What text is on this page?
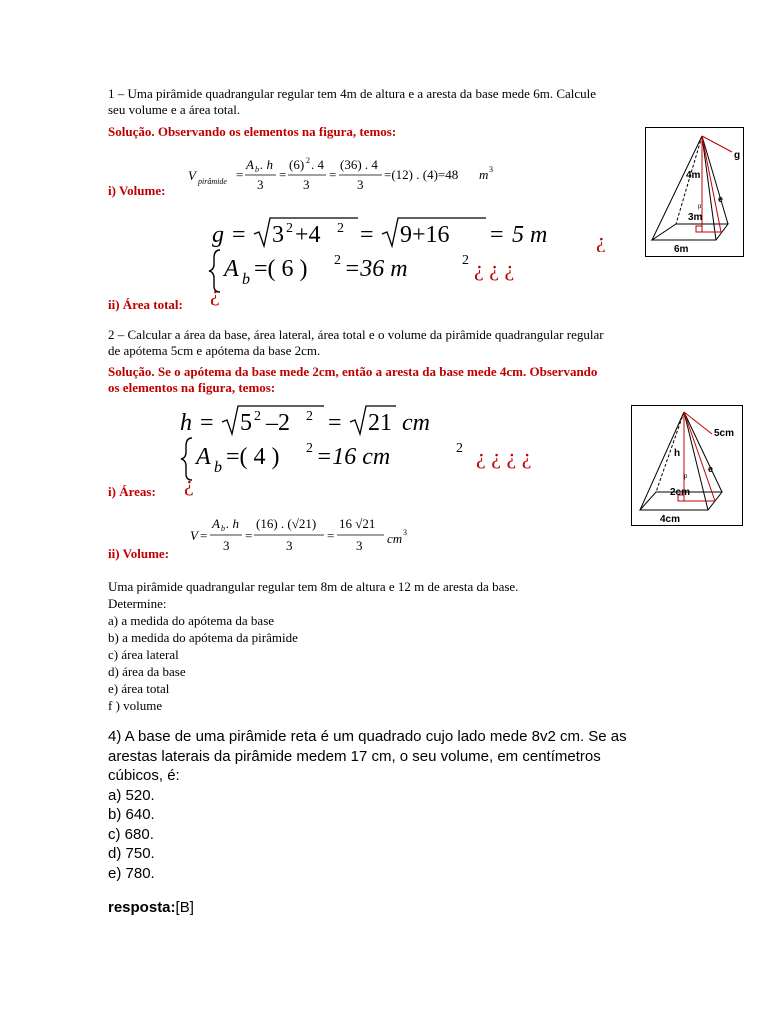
1 – Uma pirâmide quadrangular regular tem 4m de altura e a aresta da base mede 6m. Calcule
seu volume e a área total.

Solução. Observando os elementos na figura, temos:

V pirâmide =
A b . h
3
=
(6) 2 . 4
3
=
(36) . 4
3
=(12) . (4)=48 m 3

i) Volume:

g = 3 2 +4 2 = 9+16 = 5 m ¿
A b =( 6 ) 2 =36 m	2 ¿ ¿ ¿

ii) Área total: ¿

g
4m
e
p
3m
6m

2 – Calcular a área da base, área lateral, área total e o volume da pirâmide quadrangular regular
de apótema 5cm e apótema da base 2cm.

Solução. Se o apótema da base mede 2cm, então a aresta da base mede 4cm. Observando
os elementos na figura, temos:

h = 5 2 –2 2 = 21 cm
A b =( 4 ) 2 =16 cm	2 ¿ ¿ ¿ ¿

i) Áreas: ¿

V =
A b . h
3
=
(16) . (√21)
3
=
16 √21
3 cm 3

ii) Volume:

5cm
h
e
p
2cm
4cm
Uma pirâmide quadrangular regular tem 8m de altura e 12 m de aresta da base.
Determine:
a) a medida do apótema da base
b) a medida do apótema da pirâmide
c) área lateral
d) área da base
e) área total
f ) volume
4) A base de uma pirâmide reta é um quadrado cujo lado mede 8v2 cm. Se as
arestas laterais da pirâmide medem 17 cm, o seu volume, em centímetros
cúbicos, é:
a) 520.
b) 640.
c) 680.
d) 750.
e) 780.

resposta:[B]
